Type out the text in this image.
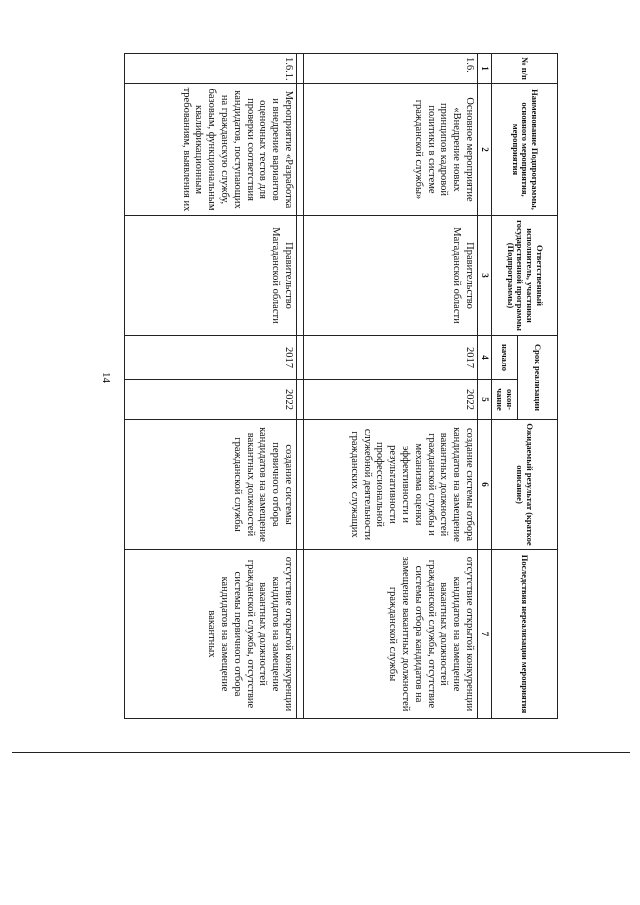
14
№ п/п	Наименование Подпрограммы, основного мероприятия, мероприятия	Ответственный исполнитель, участники государственной программы (Подпрограммы)	Срок реализации		Ожидаемый результат (краткое описание)	Последствия нереализации мероприятия
			начало	окон-чание		
1	2	3	4	5	6	7
1.6.	Основное мероприятие «Внедрение новых принципов кадровой политики в системе гражданской службы»	Правительство Магаданской области	2017	2022	создание системы отбора кандидатов на замещение вакантных должностей гражданской службы и механизма оценки эффективности и результативности профессиональной служебной деятельности гражданских служащих	отсутствие открытой конкуренции кандидатов на замещение вакантных должностей гражданской службы, отсутствие системы отбора кандидатов на замещение вакантных должностей гражданской службы

1.6.1.	Мероприятие «Разработка и внедрение вариантов оценочных тестов для проверки соответствия кандидатов, поступающих на гражданскую службу, базовым, функциональным квалификационным требованиям, выявления их	Правительство Магаданской области	2017	2022	создание системы первичного отбора кандидатов на замещение вакантных должностей гражданской службы	отсутствие открытой конкуренции кандидатов на замещение вакантных должностей гражданской службы, отсутствие системы первичного отбора кандидатов на замещение вакантных
